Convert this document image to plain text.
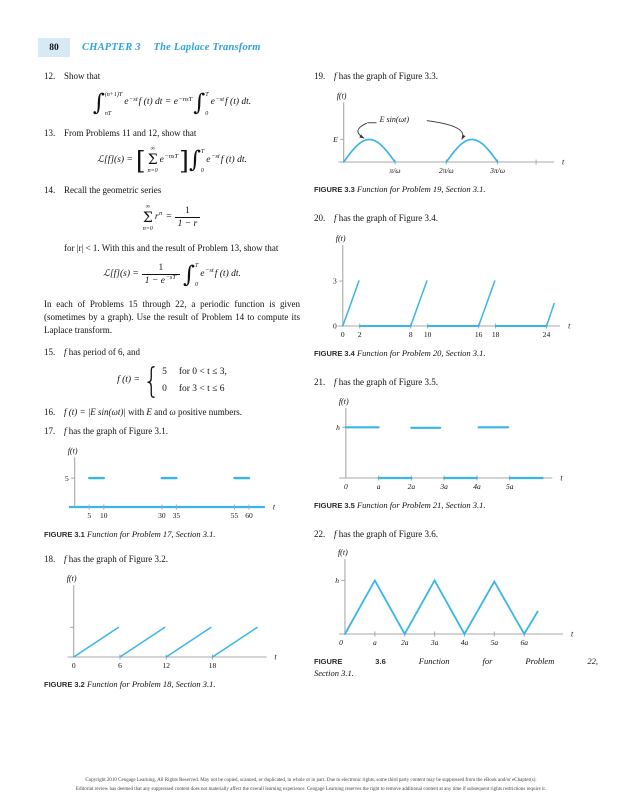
80	CHAPTER 3 The Laplace Transform
12. Show that
∫ (n+1)T
nT
e −st f (t) dt = e −nsT ∫ T
0
e −st f (t) dt.
13. From Problems 11 and 12, show that
ℒ[f](s) = [ ∞
Σ
n=0
e −nsT ] ∫ T
0
e −st f (t) dt.
14. Recall the geometric series
∞
Σ
n=0
r $n = \frac{1}{1 - r}$
for |r| < 1. With this and the result of Problem 13, show that
ℒ[f](s) = $\frac{1}{1 - e^{-sT}}$ ∫ T
0
e −st f (t) dt.
In each of Problems 15 through 22, a periodic function is given (sometimes by a graph). Use the result of Problem 14 to compute its Laplace transform.
15. f has period of 6, and
f (t) = { 5 for 0 < t ≤ 3,
0 for 3 < t ≤ 6
16. f (t) = |E sin(ωt)| with E and ω positive numbers.
17. f has the graph of Figure 3.1.
5 10	30 35	55 60
5
f(t)
t
FIGURE 3.1 Function for Problem 17, Section 3.1.
18. f has the graph of Figure 3.2.
0	6	12	18
f(t)
t
FIGURE 3.2 Function for Problem 18, Section 3.1.
19. f has the graph of Figure 3.3.
π/ω	2π/ω	3π/ω
E
f(t)
t
E sin(ωt)
FIGURE 3.3 Function for Problem 19, Section 3.1.
20. f has the graph of Figure 3.4.
0 2	8 10	16 18	24
3
0
f(t)
t
FIGURE 3.4 Function for Problem 20, Section 3.1.
21. f has the graph of Figure 3.5.
0	a	2a	3a	4a	5a
h
f(t)
t
FIGURE 3.5 Function for Problem 21, Section 3.1.
22. f has the graph of Figure 3.6.
0	a	2a	3a	4a	5a	6a
h
f(t)
t
FIGURE 3.6	Function for Problem 22,
Section 3.1.
Copyright 2010 Cengage Learning. All Rights Reserved. May not be copied, scanned, or duplicated, in whole or in part. Due to electronic rights, some third party content may be suppressed from the eBook and/or eChapter(s).
Editorial review has deemed that any suppressed content does not materially affect the overall learning experience. Cengage Learning reserves the right to remove additional content at any time if subsequent rights restrictions require it.
